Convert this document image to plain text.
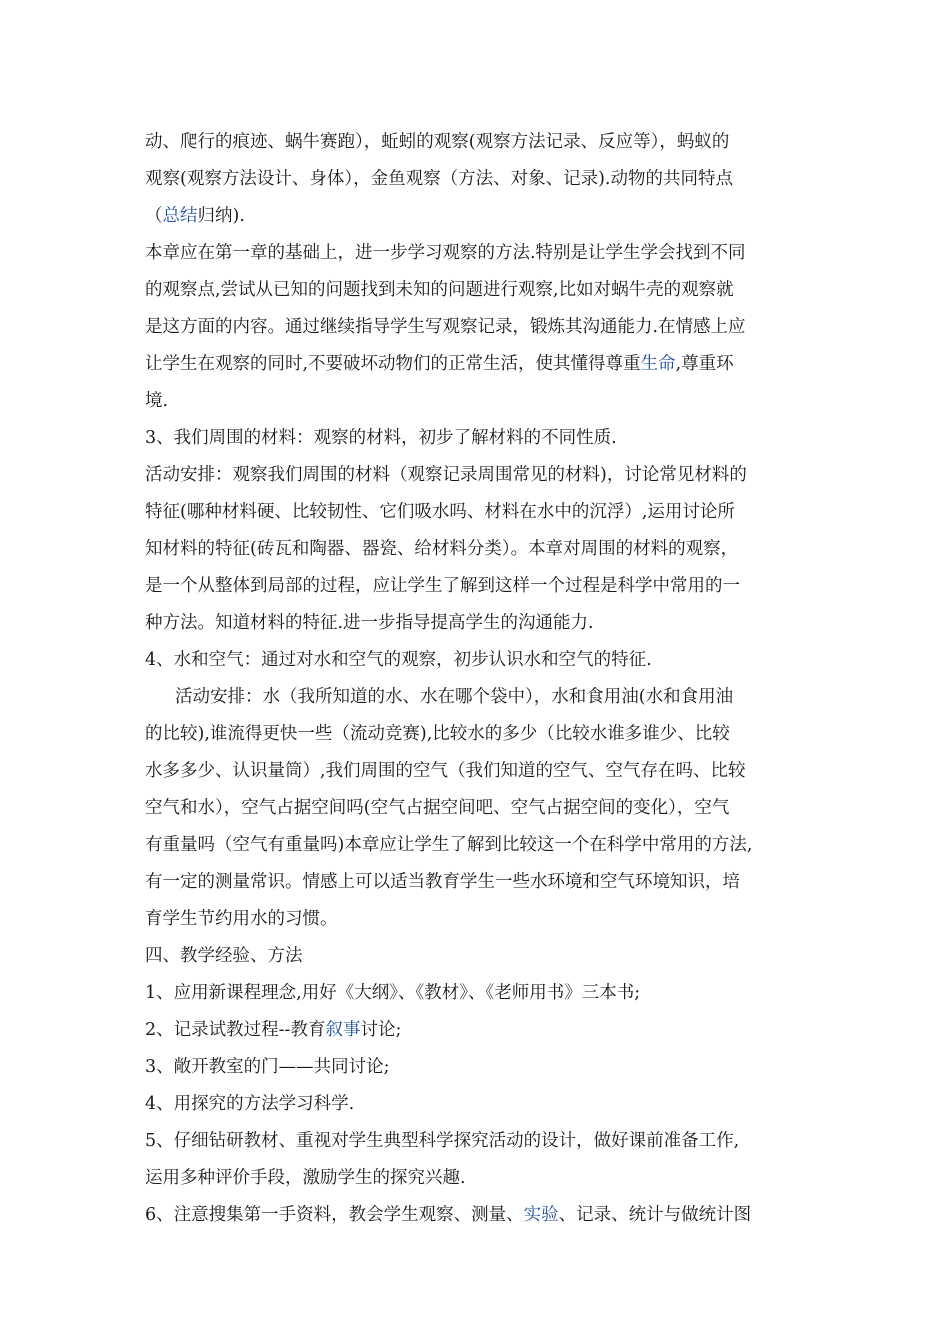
动、爬行的痕迹、蜗牛赛跑），蚯蚓的观察(观察方法记录、反应等），蚂蚁的
观察(观察方法设计、身体），金鱼观察（方法、对象、记录).动物的共同特点
（总结归纳).
本章应在第一章的基础上，进一步学习观察的方法.特别是让学生学会找到不同
的观察点,尝试从已知的问题找到未知的问题进行观察,比如对蜗牛壳的观察就
是这方面的内容。通过继续指导学生写观察记录，锻炼其沟通能力.在情感上应
让学生在观察的同时,不要破坏动物们的正常生活，使其懂得尊重生命,尊重环
境.
3、我们周围的材料：观察的材料，初步了解材料的不同性质.
活动安排：观察我们周围的材料（观察记录周围常见的材料)，讨论常见材料的
特征(哪种材料硬、比较韧性、它们吸水吗、材料在水中的沉浮）,运用讨论所
知材料的特征(砖瓦和陶器、器瓷、给材料分类）。本章对周围的材料的观察，
是一个从整体到局部的过程，应让学生了解到这样一个过程是科学中常用的一
种方法。知道材料的特征.进一步指导提高学生的沟通能力.
4、水和空气：通过对水和空气的观察，初步认识水和空气的特征.
活动安排：水（我所知道的水、水在哪个袋中），水和食用油(水和食用油
的比较),谁流得更快一些（流动竞赛),比较水的多少（比较水谁多谁少、比较
水多多少、认识量筒）,我们周围的空气（我们知道的空气、空气存在吗、比较
空气和水），空气占据空间吗(空气占据空间吧、空气占据空间的变化），空气
有重量吗（空气有重量吗)本章应让学生了解到比较这一个在科学中常用的方法,
有一定的测量常识。情感上可以适当教育学生一些水环境和空气环境知识，培
育学生节约用水的习惯。
四、教学经验、方法
1、应用新课程理念,用好《大纲》、《教材》、《老师用书》三本书;
2、记录试教过程--教育叙事讨论;
3、敞开教室的门——共同讨论;
4、用探究的方法学习科学.
5、仔细钻研教材、重视对学生典型科学探究活动的设计，做好课前准备工作,
运用多种评价手段，激励学生的探究兴趣.
6、注意搜集第一手资料，教会学生观察、测量、实验、记录、统计与做统计图
